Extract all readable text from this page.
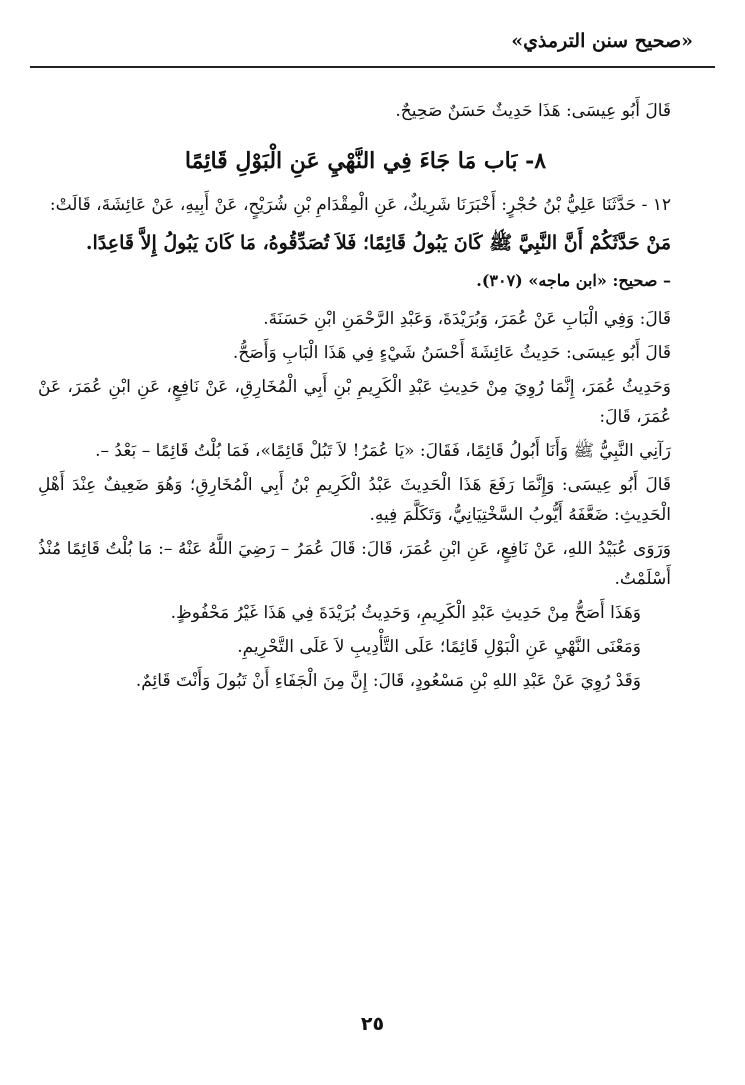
«صحيح سنن الترمذي»

قَالَ أَبُو عِيسَى: هَذَا حَدِيثٌ حَسَنٌ صَحِيحٌ.

٨- بَاب مَا جَاءَ فِي النَّهْيِ عَنِ الْبَوْلِ قَائِمًا

١٢ - حَدَّثَنَا عَلِيُّ بْنُ حُجْرٍ: أَخْبَرَنَا شَرِيكٌ، عَنِ الْمِقْدَامِ بْنِ شُرَيْحٍ، عَنْ أَبِيهِ، عَنْ عَائِشَةَ، قَالَتْ:

مَنْ حَدَّثَكُمْ أَنَّ النَّبِيَّ ﷺ كَانَ يَبُولُ قَائِمًا؛ فَلاَ تُصَدِّقُوهُ، مَا كَانَ يَبُولُ إِلاَّ قَاعِدًا.

– صحيح: «ابن ماجه» (٣٠٧).

قَالَ: وَفِي الْبَابِ عَنْ عُمَرَ، وَبُرَيْدَةَ، وَعَبْدِ الرَّحْمَنِ ابْنِ حَسَنَةَ.

قَالَ أَبُو عِيسَى: حَدِيثُ عَائِشَةَ أَحْسَنُ شَيْءٍ فِي هَذَا الْبَابِ وَأَصَحُّ.

وَحَدِيثُ عُمَرَ، إِنَّمَا رُوِيَ مِنْ حَدِيثِ عَبْدِ الْكَرِيمِ بْنِ أَبِي الْمُخَارِقِ، عَنْ نَافِعٍ، عَنِ ابْنِ عُمَرَ، عَنْ عُمَرَ، قَالَ:

رَآنِي النَّبِيُّ ﷺ وَأَنَا أَبُولُ قَائِمًا، فَقَالَ: «يَا عُمَرُ! لاَ تَبُلْ قَائِمًا»، فَمَا بُلْتُ قَائِمًا – بَعْدُ –.

قَالَ أَبُو عِيسَى: وَإِنَّمَا رَفَعَ هَذَا الْحَدِيثَ عَبْدُ الْكَرِيمِ بْنُ أَبِي الْمُخَارِقِ؛ وَهُوَ ضَعِيفٌ عِنْدَ أَهْلِ الْحَدِيثِ: ضَعَّفَهُ أَيُّوبُ السَّخْتِيَانِيُّ، وَتَكَلَّمَ فِيهِ.

وَرَوَى عُبَيْدُ اللهِ، عَنْ نَافِعٍ، عَنِ ابْنِ عُمَرَ، قَالَ: قَالَ عُمَرُ – رَضِيَ اللَّهُ عَنْهُ –: مَا بُلْتُ قَائِمًا مُنْذُ أَسْلَمْتُ.

وَهَذَا أَصَحُّ مِنْ حَدِيثِ عَبْدِ الْكَرِيمِ، وَحَدِيثُ بُرَيْدَةَ فِي هَذَا غَيْرُ مَحْفُوظٍ.

وَمَعْنَى النَّهْيِ عَنِ الْبَوْلِ قَائِمًا؛ عَلَى التَّأْدِيبِ لاَ عَلَى التَّحْرِيمِ.

وَقَدْ رُوِيَ عَنْ عَبْدِ اللهِ بْنِ مَسْعُودٍ، قَالَ: إِنَّ مِنَ الْجَفَاءِ أَنْ تَبُولَ وَأَنْتَ قَائِمٌ.

٢٥
